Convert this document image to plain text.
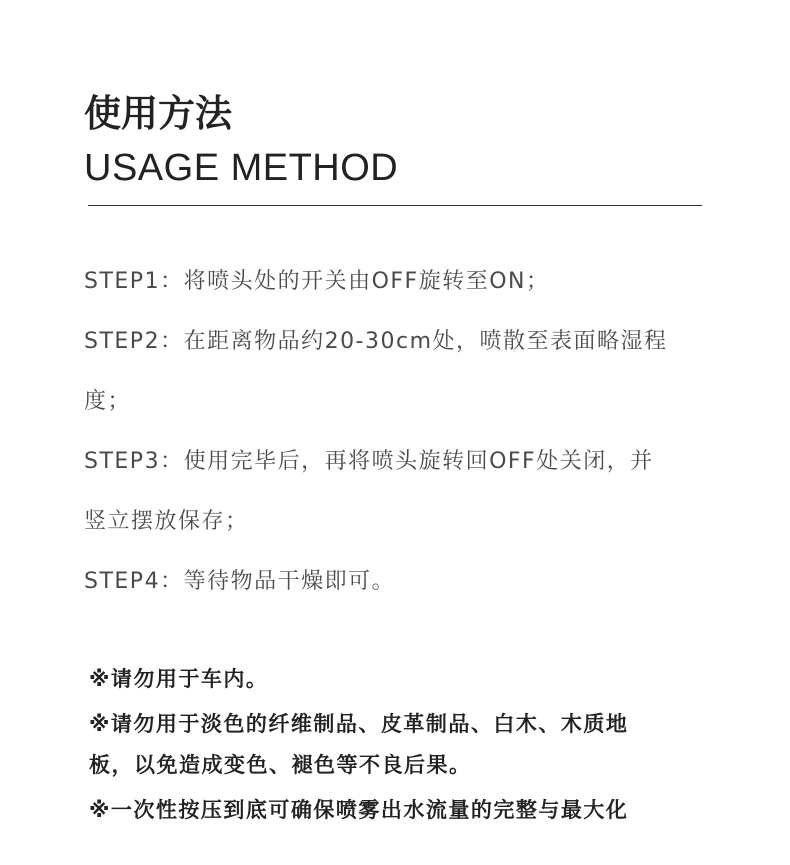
使用方法
USAGE METHOD
STEP1：将喷头处的开关由OFF旋转至ON；
STEP2：在距离物品约20-30cm处，喷散至表面略湿程
度；
STEP3：使用完毕后，再将喷头旋转回OFF处关闭，并
竖立摆放保存；
STEP4：等待物品干燥即可。
※请勿用于车内。
※请勿用于淡色的纤维制品、皮革制品、白木、木质地
板，以免造成变色、褪色等不良后果。
※一次性按压到底可确保喷雾出水流量的完整与最大化
